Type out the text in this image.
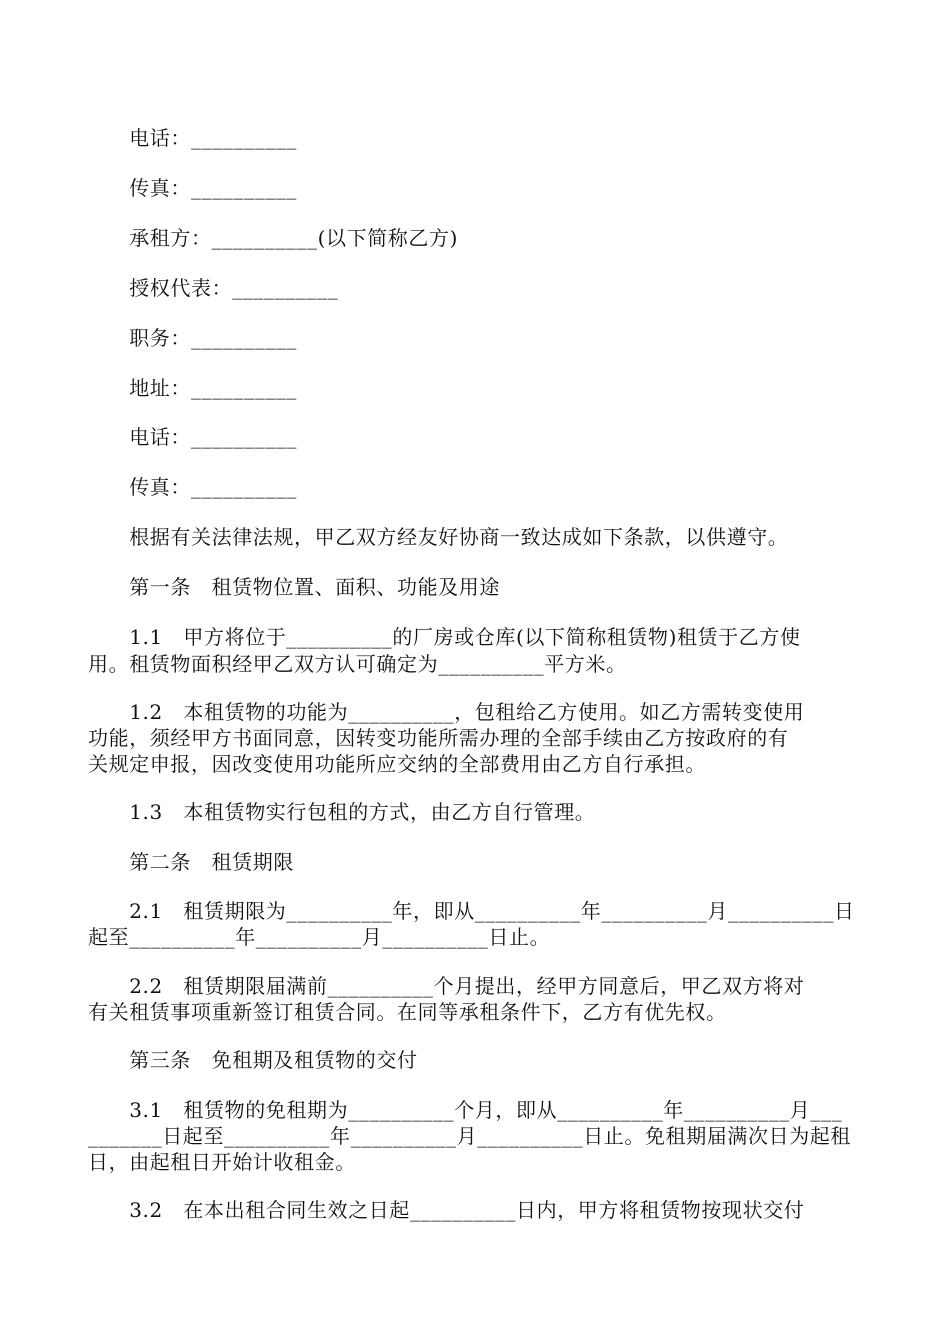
　　电话：__________
　　传真：__________
　　承租方：__________(以下简称乙方)
　　授权代表：__________
　　职务：__________
　　地址：__________
　　电话：__________
　　传真：__________
　　根据有关法律法规，甲乙双方经友好协商一致达成如下条款，以供遵守。
　　第一条　租赁物位置、面积、功能及用途
　　1.1　甲方将位于__________的厂房或仓库(以下简称租赁物)租赁于乙方使
用。租赁物面积经甲乙双方认可确定为__________平方米。
　　1.2　本租赁物的功能为__________，包租给乙方使用。如乙方需转变使用
功能，须经甲方书面同意，因转变功能所需办理的全部手续由乙方按政府的有
关规定申报，因改变使用功能所应交纳的全部费用由乙方自行承担。
　　1.3　本租赁物实行包租的方式，由乙方自行管理。
　　第二条　租赁期限
　　2.1　租赁期限为__________年，即从__________年__________月__________日
起至__________年__________月__________日止。
　　2.2　租赁期限届满前__________个月提出，经甲方同意后，甲乙双方将对
有关租赁事项重新签订租赁合同。在同等承租条件下，乙方有优先权。
　　第三条　免租期及租赁物的交付
　　3.1　租赁物的免租期为__________个月，即从__________年__________月___
_______日起至__________年__________月__________日止。免租期届满次日为起租
日，由起租日开始计收租金。
　　3.2　在本出租合同生效之日起__________日内，甲方将租赁物按现状交付
